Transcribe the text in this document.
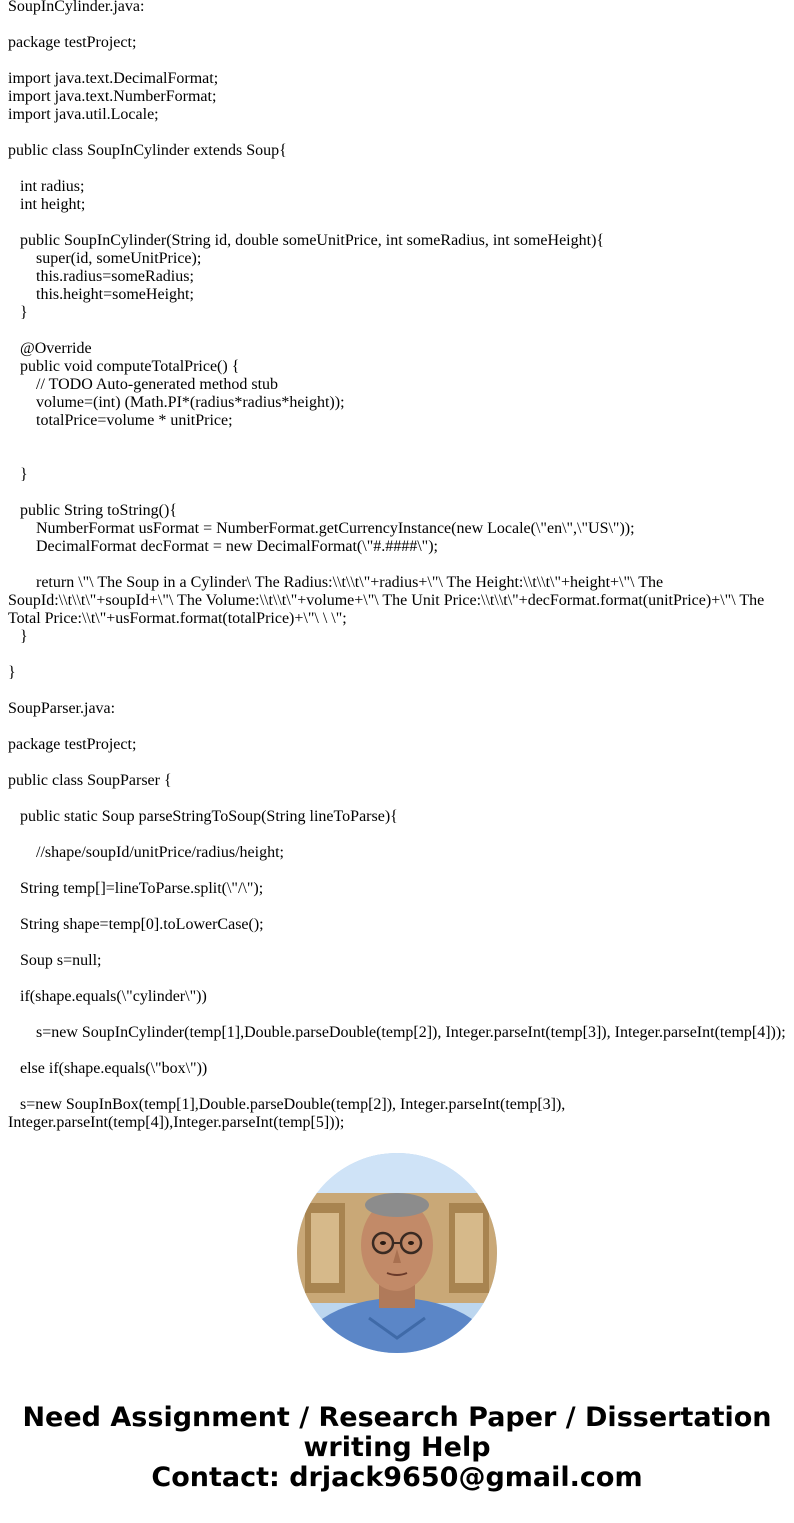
SoupInCylinder.java:
package testProject;
import java.text.DecimalFormat;
import java.text.NumberFormat;
import java.util.Locale;
public class SoupInCylinder extends Soup{
int radius;
int height;
public SoupInCylinder(String id, double someUnitPrice, int someRadius, int someHeight){
super(id, someUnitPrice);
this.radius=someRadius;
this.height=someHeight;
}
@Override
public void computeTotalPrice() {
// TODO Auto-generated method stub
volume=(int) (Math.PI*(radius*radius*height));
totalPrice=volume * unitPrice;
}
public String toString(){
NumberFormat usFormat = NumberFormat.getCurrencyInstance(new Locale(\"en\",\"US\"));
DecimalFormat decFormat = new DecimalFormat(\"#.####\");
return \"\ The Soup in a Cylinder\ The Radius:\\t\\t\"+radius+\"\ The Height:\\t\\t\"+height+\"\ The SoupId:\\t\\t\"+soupId+\"\ The Volume:\\t\\t\"+volume+\"\ The Unit Price:\\t\\t\"+decFormat.format(unitPrice)+\"\ The Total Price:\\t\"+usFormat.format(totalPrice)+\"\ \ \";
}
}
SoupParser.java:
package testProject;
public class SoupParser {
public static Soup parseStringToSoup(String lineToParse){
//shape/soupId/unitPrice/radius/height;
String temp[]=lineToParse.split(\"/\");
String shape=temp[0].toLowerCase();
Soup s=null;
if(shape.equals(\"cylinder\"))
s=new SoupInCylinder(temp[1],Double.parseDouble(temp[2]), Integer.parseInt(temp[3]), Integer.parseInt(temp[4]));
else if(shape.equals(\"box\"))
s=new SoupInBox(temp[1],Double.parseDouble(temp[2]), Integer.parseInt(temp[3]), Integer.parseInt(temp[4]),Integer.parseInt(temp[5]));
Need Assignment / Research Paper / Dissertation
writing Help
Contact: drjack9650@gmail.com
